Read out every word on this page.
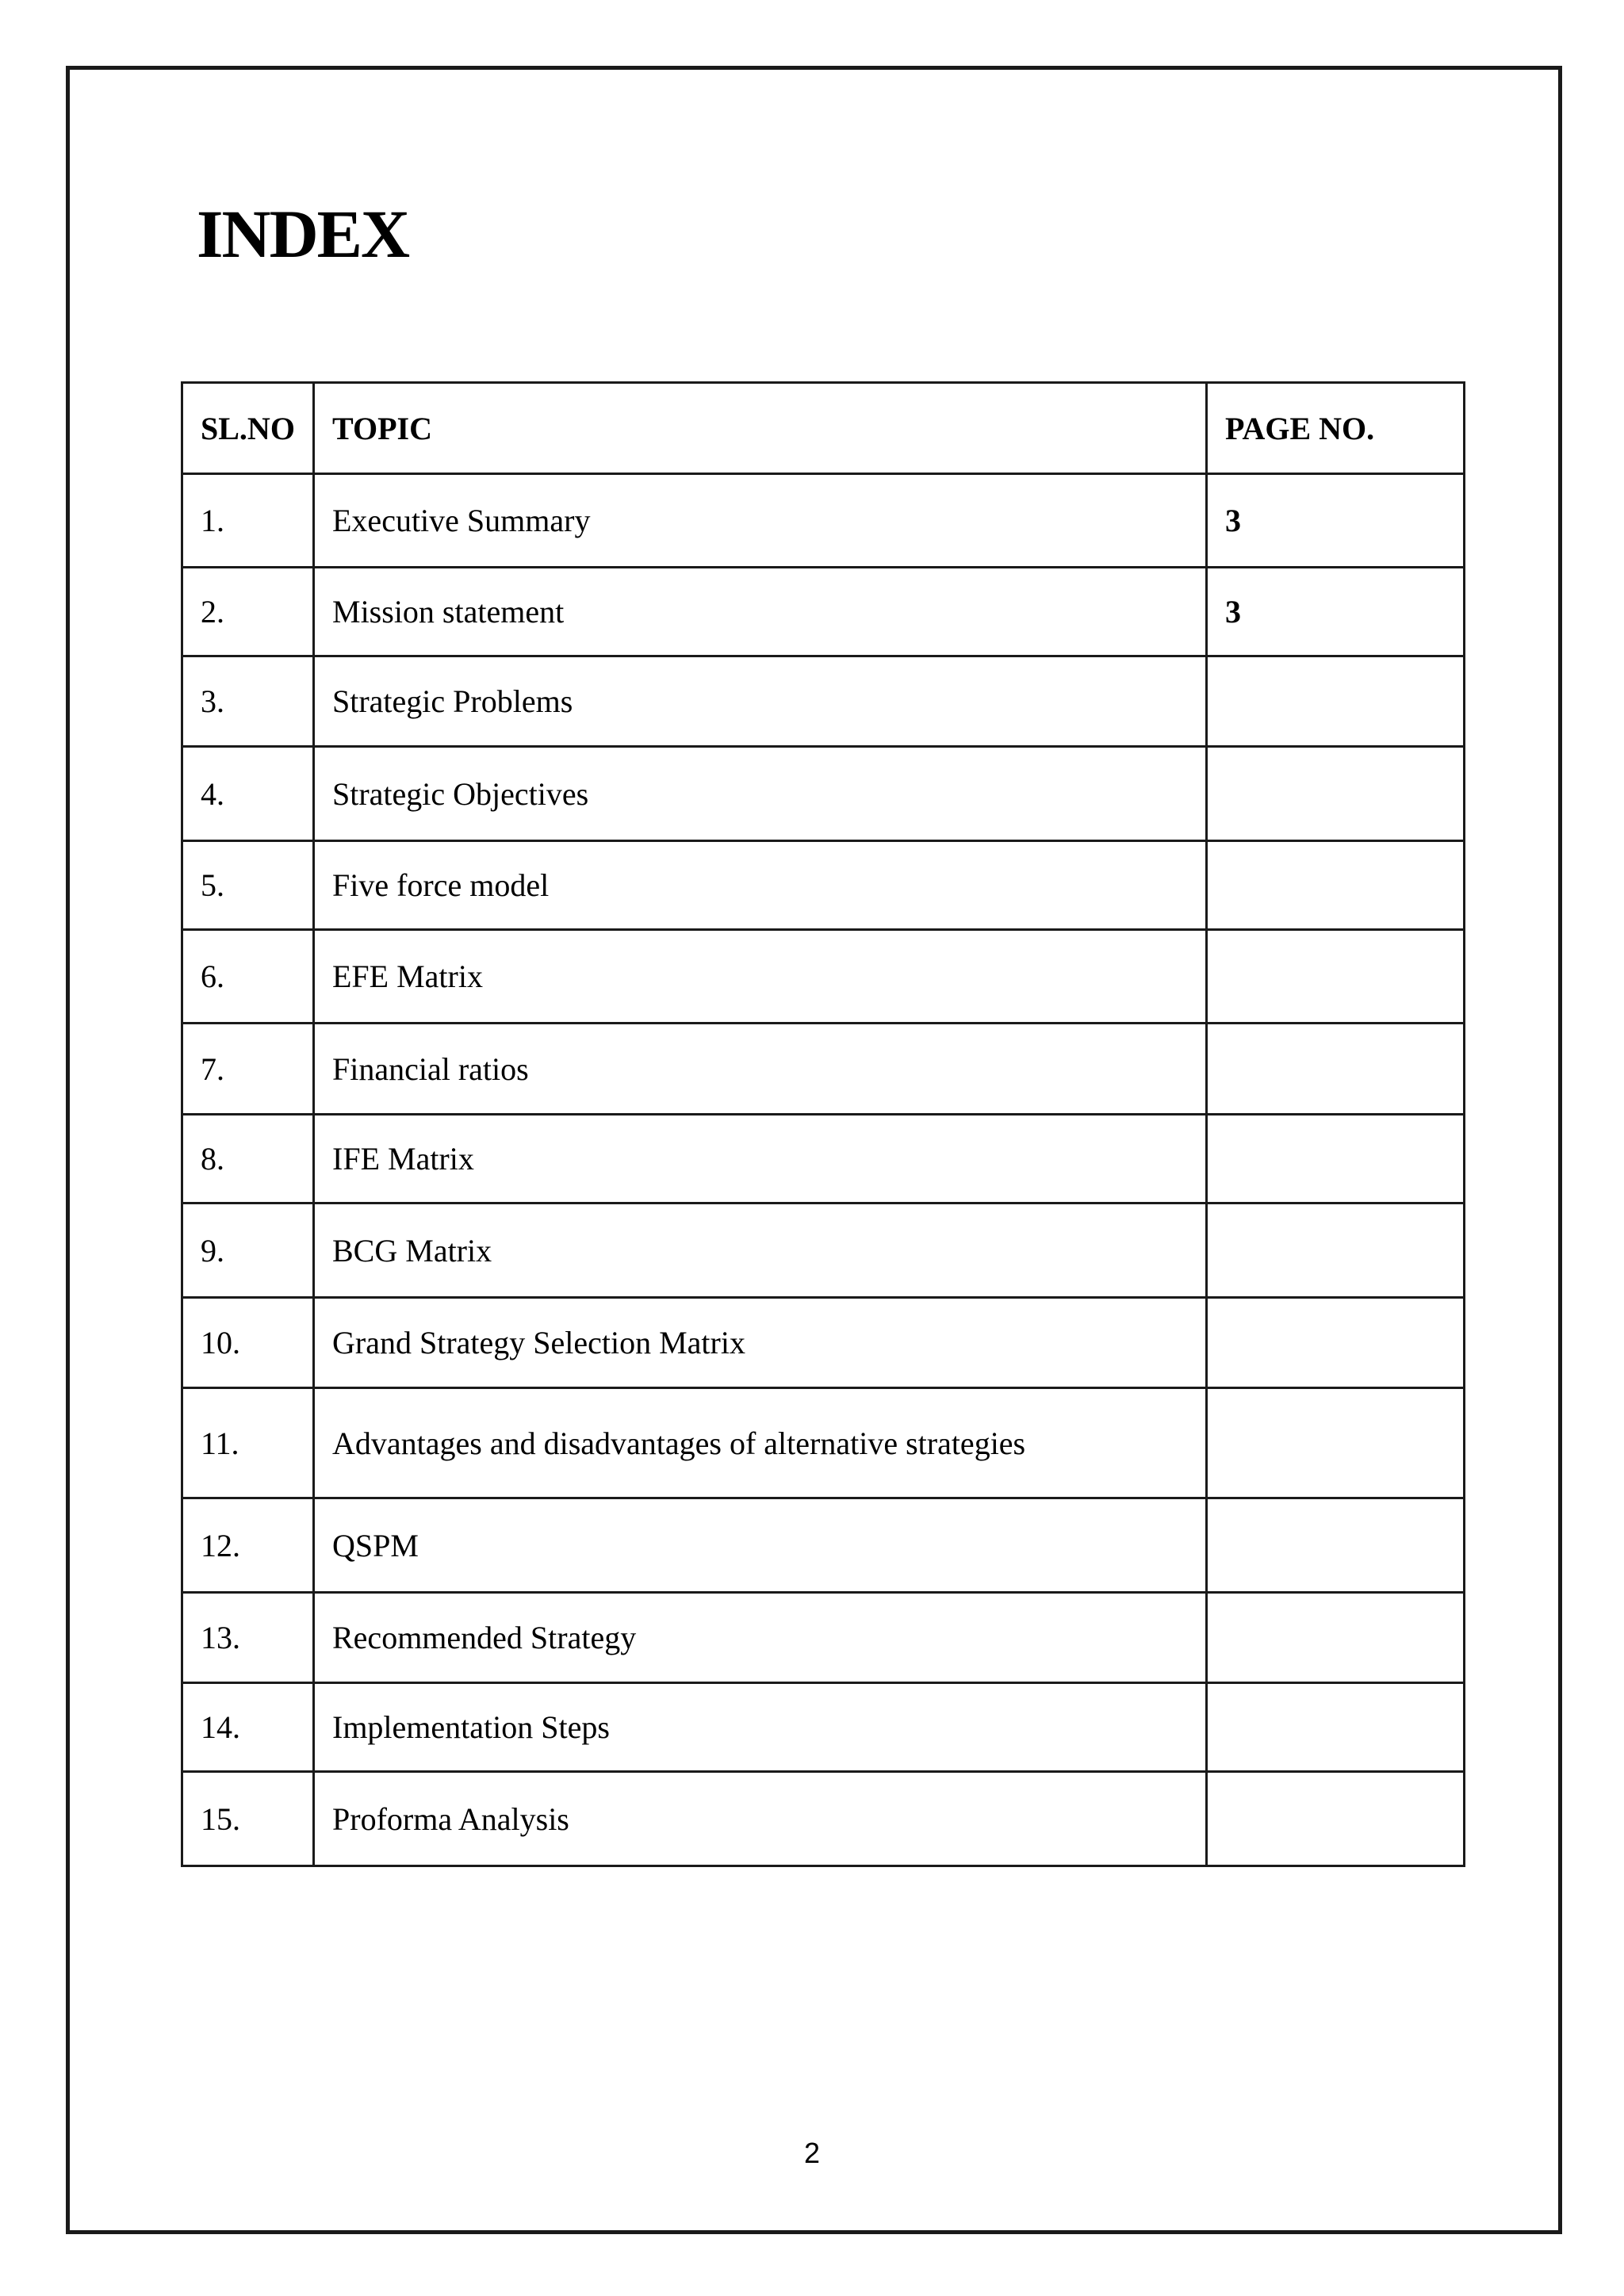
INDEX
SL.NO	TOPIC	PAGE NO.
1.	Executive Summary	3
2.	Mission statement	3
3.	Strategic Problems	
4.	Strategic Objectives	
5.	Five force model	
6.	EFE Matrix	
7.	Financial ratios	
8.	IFE Matrix	
9.	BCG Matrix	
10.	Grand Strategy Selection Matrix	
11.	Advantages and disadvantages of alternative strategies	
12.	QSPM	
13.	Recommended Strategy	
14.	Implementation Steps	
15.	Proforma Analysis	
2
